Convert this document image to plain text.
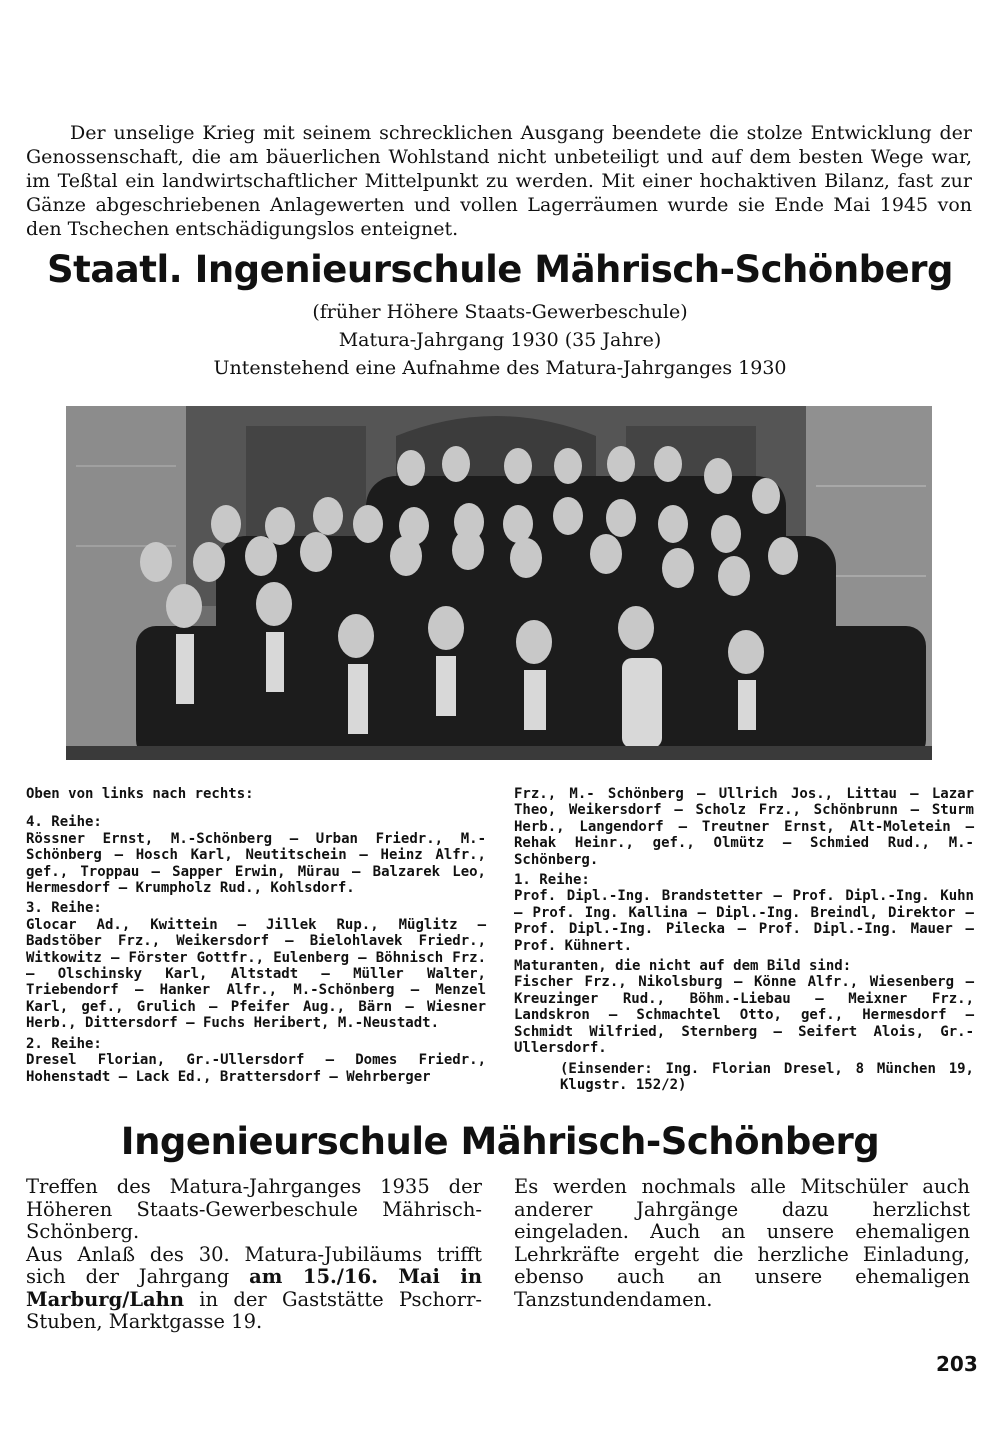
Der unselige Krieg mit seinem schrecklichen Ausgang beendete die stolze Entwicklung der Genossenschaft, die am bäuerlichen Wohlstand nicht unbeteiligt und auf dem besten Wege war, im Teßtal ein landwirtschaftlicher Mittelpunkt zu werden. Mit einer hochaktiven Bilanz, fast zur Gänze abgeschriebenen Anlagewerten und vollen Lagerräumen wurde sie Ende Mai 1945 von den Tschechen entschädigungslos enteignet.

Staatl. Ingenieurschule Mährisch-Schönberg
(früher Höhere Staats-Gewerbeschule)
Matura-Jahrgang 1930 (35 Jahre)
Untenstehend eine Aufnahme des Matura-Jahrganges 1930

Oben von links nach rechts:

4. Reihe:

Rössner Ernst, M.-Schönberg — Urban Friedr., M.-Schönberg — Hosch Karl, Neutitschein — Heinz Alfr., gef., Troppau — Sapper Erwin, Mürau — Balzarek Leo, Hermesdorf — Krumpholz Rud., Kohlsdorf.

3. Reihe:

Glocar Ad., Kwittein — Jillek Rup., Müglitz — Badstöber Frz., Weikersdorf — Bielohlavek Friedr., Witkowitz — Förster Gottfr., Eulenberg — Böhnisch Frz. — Olschinsky Karl, Altstadt — Müller Walter, Triebendorf — Hanker Alfr., M.-Schönberg — Menzel Karl, gef., Grulich — Pfeifer Aug., Bärn — Wiesner Herb., Dittersdorf — Fuchs Heribert, M.-Neustadt.

2. Reihe:

Dresel Florian, Gr.-Ullersdorf — Domes Friedr., Hohenstadt — Lack Ed., Brattersdorf — Wehrberger

Frz., M.- Schönberg — Ullrich Jos., Littau — Lazar Theo, Weikersdorf — Scholz Frz., Schönbrunn — Sturm Herb., Langendorf — Treutner Ernst, Alt-Moletein — Rehak Heinr., gef., Olmütz — Schmied Rud., M.-Schönberg.

1. Reihe:

Prof. Dipl.-Ing. Brandstetter — Prof. Dipl.-Ing. Kuhn — Prof. Ing. Kallina — Dipl.-Ing. Breindl, Direktor — Prof. Dipl.-Ing. Pilecka — Prof. Dipl.-Ing. Mauer — Prof. Kühnert.

Maturanten, die nicht auf dem Bild sind:

Fischer Frz., Nikolsburg — Könne Alfr., Wiesenberg — Kreuzinger Rud., Böhm.-Liebau — Meixner Frz., Landskron — Schmachtel Otto, gef., Hermesdorf — Schmidt Wilfried, Sternberg — Seifert Alois, Gr.-Ullersdorf.

(Einsender: Ing. Florian Dresel, 8 München 19, Klugstr. 152/2)

Ingenieurschule Mährisch-Schönberg

Treffen des Matura-Jahrganges 1935 der Höheren Staats-Gewerbeschule Mährisch-Schönberg.

Aus Anlaß des 30. Matura-Jubiläums trifft sich der Jahrgang am 15./16. Mai in Marburg/Lahn in der Gaststätte Pschorr-Stuben, Marktgasse 19.

Es werden nochmals alle Mitschüler auch anderer Jahrgänge dazu herzlichst eingeladen. Auch an unsere ehemaligen Lehrkräfte ergeht die herzliche Einladung, ebenso auch an unsere ehemaligen Tanzstundendamen.

203
